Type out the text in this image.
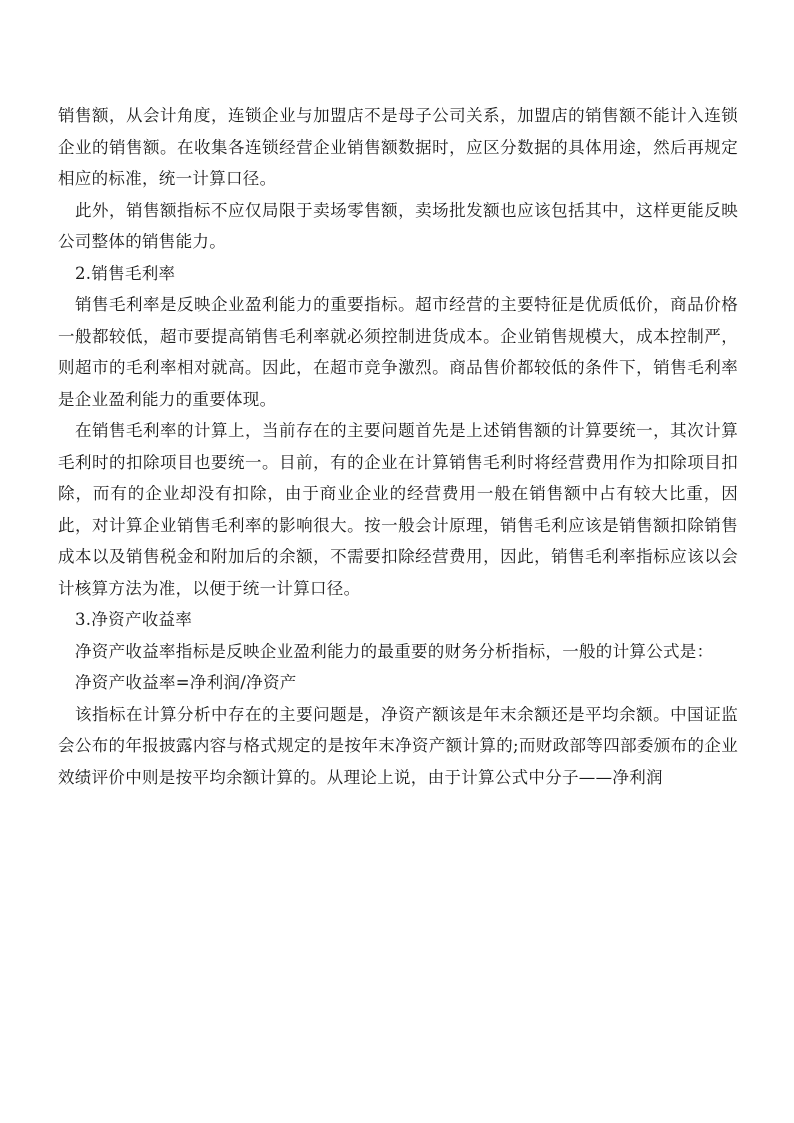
销售额，从会计角度，连锁企业与加盟店不是母子公司关系，加盟店的销售额不能计入连锁企业的销售额。在收集各连锁经营企业销售额数据时，应区分数据的具体用途，然后再规定相应的标准，统一计算口径。

此外，销售额指标不应仅局限于卖场零售额，卖场批发额也应该包括其中，这样更能反映公司整体的销售能力。

2.销售毛利率

销售毛利率是反映企业盈利能力的重要指标。超市经营的主要特征是优质低价，商品价格一般都较低，超市要提高销售毛利率就必须控制进货成本。企业销售规模大，成本控制严，则超市的毛利率相对就高。因此，在超市竞争激烈。商品售价都较低的条件下，销售毛利率是企业盈利能力的重要体现。

在销售毛利率的计算上，当前存在的主要问题首先是上述销售额的计算要统一，其次计算毛利时的扣除项目也要统一。目前，有的企业在计算销售毛利时将经营费用作为扣除项目扣除，而有的企业却没有扣除，由于商业企业的经营费用一般在销售额中占有较大比重，因此，对计算企业销售毛利率的影响很大。按一般会计原理，销售毛利应该是销售额扣除销售成本以及销售税金和附加后的余额，不需要扣除经营费用，因此，销售毛利率指标应该以会计核算方法为准，以便于统一计算口径。

3.净资产收益率

净资产收益率指标是反映企业盈利能力的最重要的财务分析指标，一般的计算公式是：

净资产收益率=净利润/净资产

该指标在计算分析中存在的主要问题是，净资产额该是年末余额还是平均余额。中国证监会公布的年报披露内容与格式规定的是按年末净资产额计算的;而财政部等四部委颁布的企业效绩评价中则是按平均余额计算的。从理论上说，由于计算公式中分子——净利润
